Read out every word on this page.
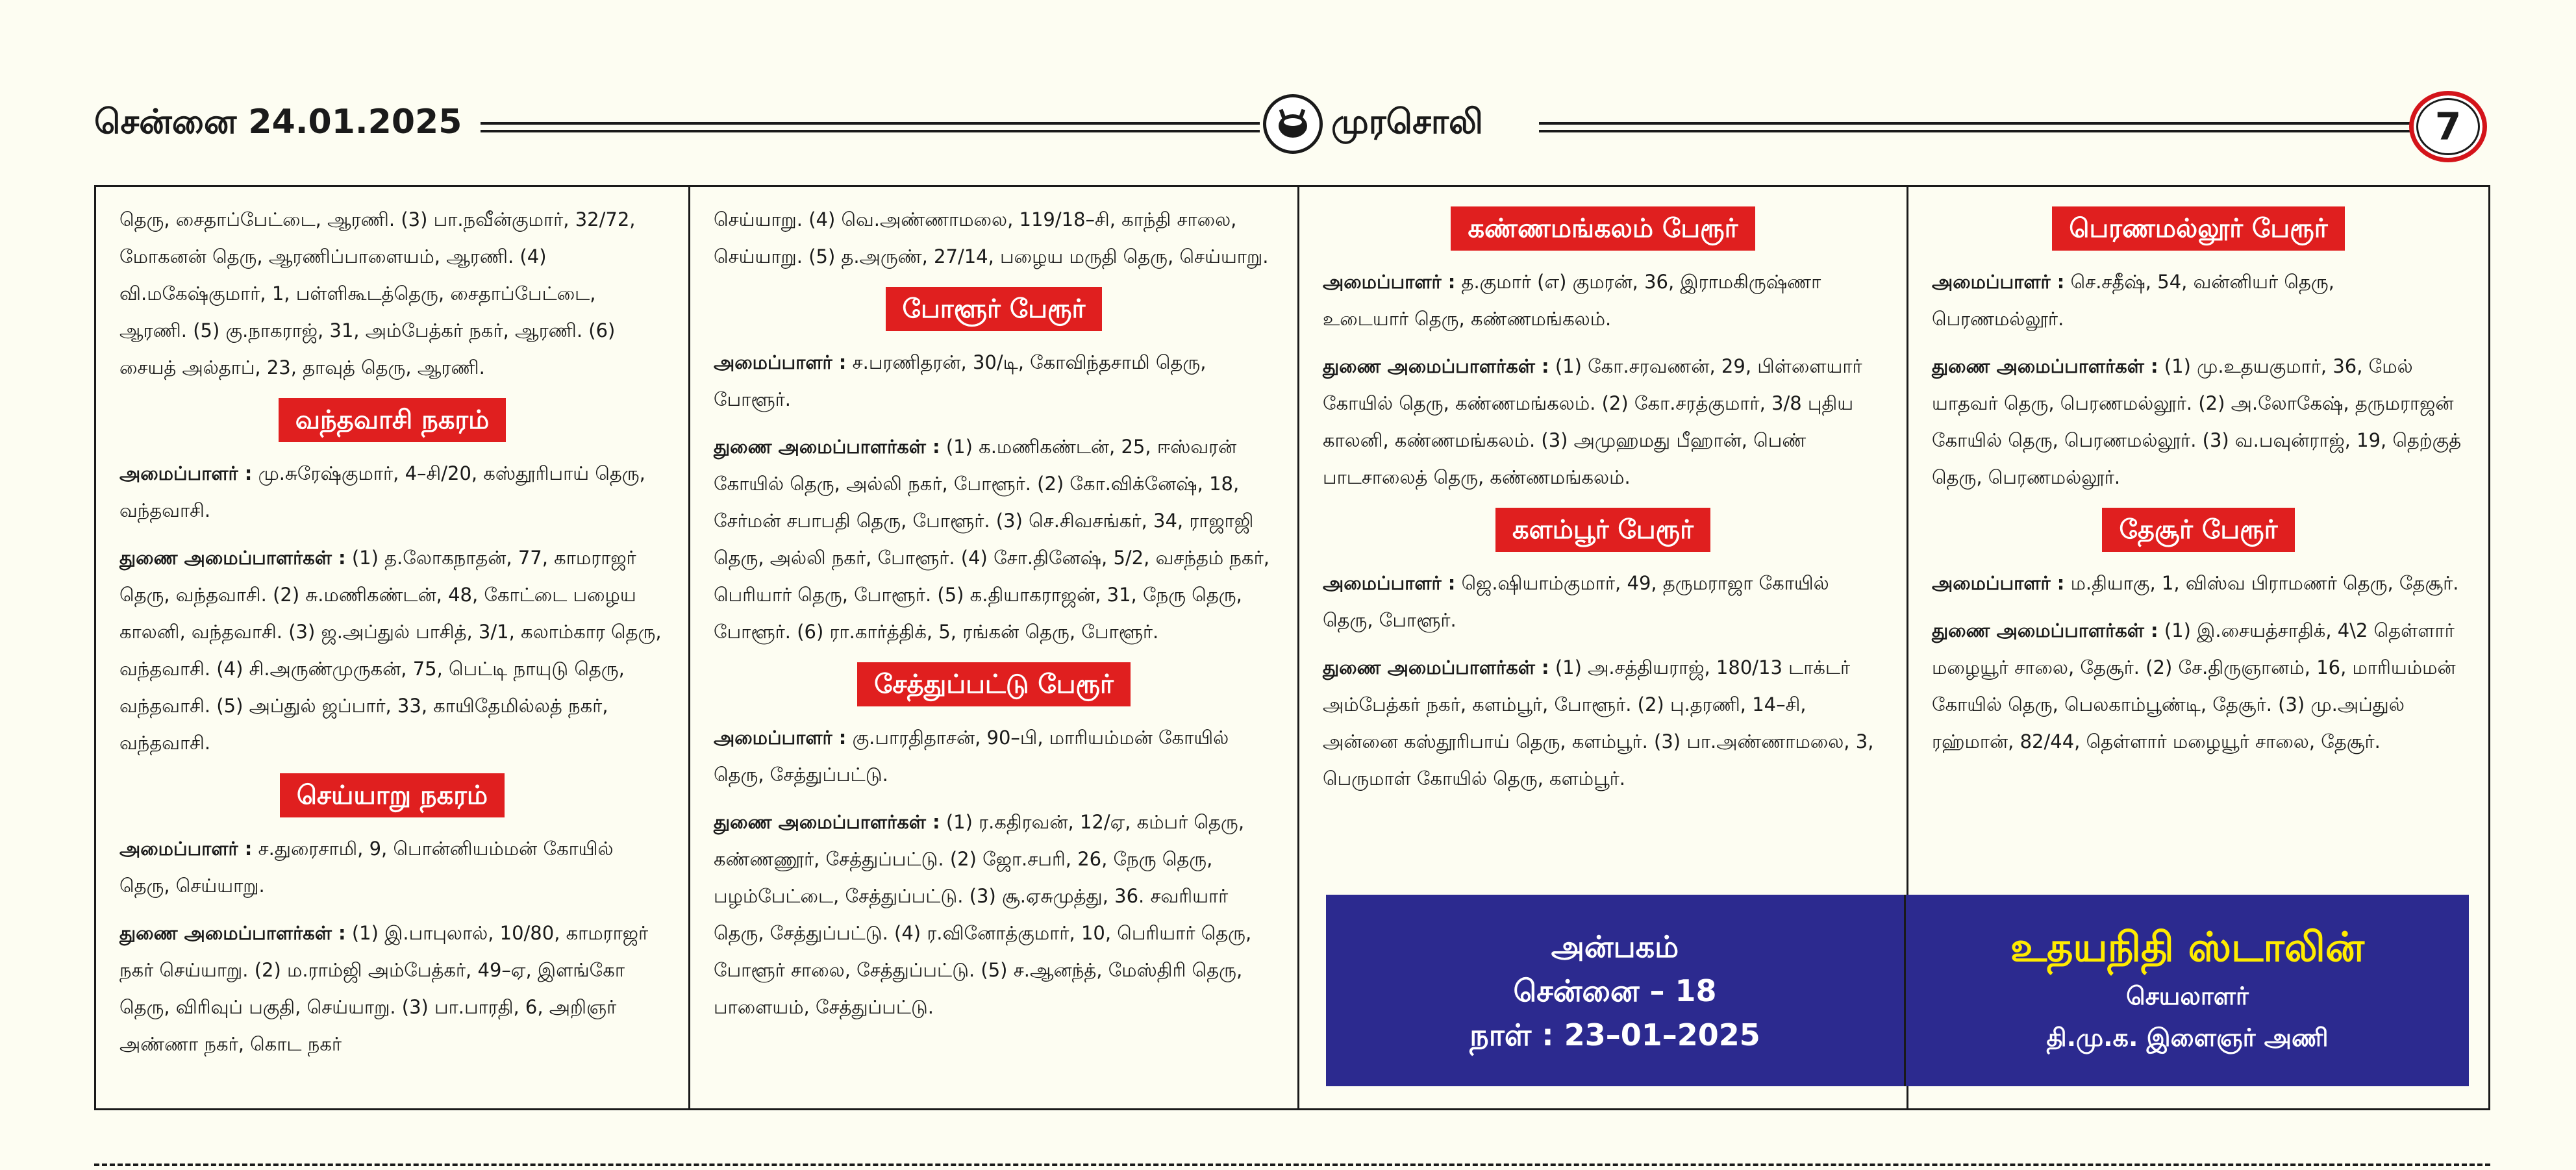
சென்னை 24.01.2025	முரசொலி	7

தெரு, சைதாப்பேட்டை, ஆரணி. (3) பா.நவீன்குமார், 32/72, மோகனன் தெரு, ஆரணிப்பாளையம், ஆரணி. (4) வி.மகேஷ்குமார், 1, பள்ளிகூடத்தெரு, சைதாப்பேட்டை, ஆரணி. (5) கு.நாகராஜ், 31, அம்பேத்கர் நகர், ஆரணி. (6) சையத் அல்தாப், 23, தாவுத் தெரு, ஆரணி.

வந்தவாசி நகரம்

அமைப்பாளர் : மு.சுரேஷ்குமார், 4–சி/20, கஸ்தூரிபாய் தெரு, வந்தவாசி.

துணை அமைப்பாளர்கள் : (1) த.லோகநாதன், 77, காமராஜர் தெரு, வந்தவாசி. (2) சு.மணிகண்டன், 48, கோட்டை பழைய காலனி, வந்தவாசி. (3) ஜ.அப்துல் பாசித், 3/1, கலாம்கார தெரு, வந்தவாசி. (4) சி.அருண்முருகன், 75, பெட்டி நாயுடு தெரு, வந்தவாசி. (5) அப்துல் ஜப்பார், 33, காயிதேமில்லத் நகர், வந்தவாசி.

செய்யாறு நகரம்

அமைப்பாளர் : ச.துரைசாமி, 9, பொன்னியம்மன் கோயில் தெரு, செய்யாறு.

துணை அமைப்பாளர்கள் : (1) இ.பாபுலால், 10/80, காமராஜர் நகர் செய்யாறு. (2) ம.ராம்ஜி அம்பேத்கர், 49–ஏ, இளங்கோ தெரு, விரிவுப் பகுதி, செய்யாறு. (3) பா.பாரதி, 6, அறிஞர் அண்ணா நகர், கொட நகர்

செய்யாறு. (4) வெ.அண்ணாமலை, 119/18–சி, காந்தி சாலை, செய்யாறு. (5) த.அருண், 27/14, பழைய மருதி தெரு, செய்யாறு.

போளூர் பேரூர்

அமைப்பாளர் : ச.பரணிதரன், 30/டி, கோவிந்தசாமி தெரு, போளூர்.

துணை அமைப்பாளர்கள் : (1) க.மணிகண்டன், 25, ஈஸ்வரன் கோயில் தெரு, அல்லி நகர், போளூர். (2) கோ.விக்னேஷ், 18, சேர்மன் சபாபதி தெரு, போளூர். (3) செ.சிவசங்கர், 34, ராஜாஜி தெரு, அல்லி நகர், போளூர். (4) சோ.தினேஷ், 5/2, வசந்தம் நகர், பெரியார் தெரு, போளூர். (5) க.தியாகராஜன், 31, நேரு தெரு, போளூர். (6) ரா.கார்த்திக், 5, ரங்கன் தெரு, போளூர்.

சேத்துப்பட்டு பேரூர்

அமைப்பாளர் : கு.பாரதிதாசன், 90–பி, மாரியம்மன் கோயில் தெரு, சேத்துப்பட்டு.

துணை அமைப்பாளர்கள் : (1) ர.கதிரவன், 12/ஏ, கம்பர் தெரு, கண்ணணூர், சேத்துப்பட்டு. (2) ஜோ.சபரி, 26, நேரு தெரு, பழம்பேட்டை, சேத்துப்பட்டு. (3) சூ.ஏசுமுத்து, 36. சவரியார் தெரு, சேத்துப்பட்டு. (4) ர.வினோத்குமார், 10, பெரியார் தெரு, போளூர் சாலை, சேத்துப்பட்டு. (5) ச.ஆனந்த், மேஸ்திரி தெரு, பாளையம், சேத்துப்பட்டு.

கண்ணமங்கலம் பேரூர்

அமைப்பாளர் : த.குமார் (எ) குமரன், 36, இராமகிருஷ்ணா உடையார் தெரு, கண்ணமங்கலம்.

துணை அமைப்பாளர்கள் : (1) கோ.சரவணன், 29, பிள்ளையார் கோயில் தெரு, கண்ணமங்கலம். (2) கோ.சரத்குமார், 3/8 புதிய காலனி, கண்ணமங்கலம். (3) அமுஹமது பீஹான், பெண் பாடசாலைத் தெரு, கண்ணமங்கலம்.

களம்பூர் பேரூர்

அமைப்பாளர் : ஜெ.ஷியாம்குமார், 49, தருமராஜா கோயில் தெரு, போளூர்.

துணை அமைப்பாளர்கள் : (1) அ.சத்தியராஜ், 180/13 டாக்டர் அம்பேத்கர் நகர், களம்பூர், போளூர். (2) பு.தரணி, 14–சி, அன்னை கஸ்தூரிபாய் தெரு, களம்பூர். (3) பா.அண்ணாமலை, 3, பெருமாள் கோயில் தெரு, களம்பூர்.

பெரணமல்லூர் பேரூர்

அமைப்பாளர் : செ.சதீஷ், 54, வன்னியர் தெரு, பெரணமல்லூர்.

துணை அமைப்பாளர்கள் : (1) மு.உதயகுமார், 36, மேல் யாதவர் தெரு, பெரணமல்லூர். (2) அ.லோகேஷ், தருமராஜன் கோயில் தெரு, பெரணமல்லூர். (3) வ.பவுன்ராஜ், 19, தெற்குத் தெரு, பெரணமல்லூர்.

தேசூர் பேரூர்

அமைப்பாளர் : ம.தியாகு, 1, விஸ்வ பிராமணர் தெரு, தேசூர்.

துணை அமைப்பாளர்கள் : (1) இ.சையத்சாதிக், 4\2 தெள்ளார் மழையூர் சாலை, தேசூர். (2) சே.திருஞானம், 16, மாரியம்மன் கோயில் தெரு, பெலகாம்பூண்டி, தேசூர். (3) மு.அப்துல் ரஹ்மான், 82/44, தெள்ளார் மழையூர் சாலை, தேசூர்.

அன்பகம்
சென்னை – 18
நாள் : 23–01–2025
உதயநிதி ஸ்டாலின்
செயலாளர்
தி.மு.க. இளைஞர் அணி
